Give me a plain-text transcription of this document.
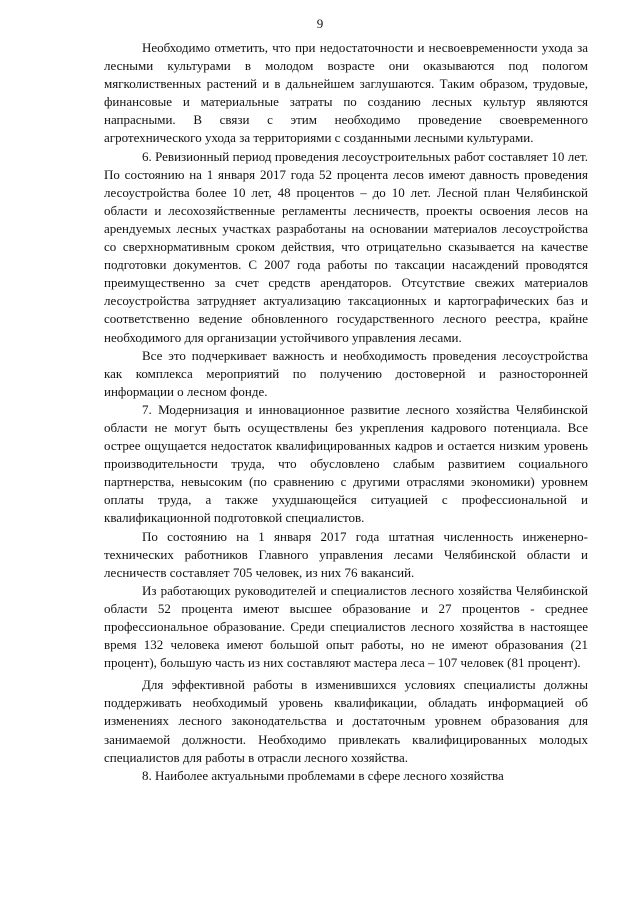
9

Необходимо отметить, что при недостаточности и несвоевременности ухода за лесными культурами в молодом возрасте они оказываются под пологом мягколиственных растений и в дальнейшем заглушаются. Таким образом, трудовые, финансовые и материальные затраты по созданию лесных культур являются напрасными. В связи с этим необходимо проведение своевременного агротехнического ухода за территориями с созданными лесными культурами.

6. Ревизионный период проведения лесоустроительных работ составляет 10 лет. По состоянию на 1 января 2017 года 52 процента лесов имеют давность проведения лесоустройства более 10 лет, 48 процентов – до 10 лет. Лесной план Челябинской области и лесохозяйственные регламенты лесничеств, проекты освоения лесов на арендуемых лесных участках разработаны на основании материалов лесоустройства со сверхнормативным сроком действия, что отрицательно сказывается на качестве подготовки документов. С 2007 года работы по таксации насаждений проводятся преимущественно за счет средств арендаторов. Отсутствие свежих материалов лесоустройства затрудняет актуализацию таксационных и картографических баз и соответственно ведение обновленного государственного лесного реестра, крайне необходимого для организации устойчивого управления лесами.

Все это подчеркивает важность и необходимость проведения лесоустройства как комплекса мероприятий по получению достоверной и разносторонней информации о лесном фонде.

7. Модернизация и инновационное развитие лесного хозяйства Челябинской области не могут быть осуществлены без укрепления кадрового потенциала. Все острее ощущается недостаток квалифицированных кадров и остается низким уровень производительности труда, что обусловлено слабым развитием социального партнерства, невысоким (по сравнению с другими отраслями экономики) уровнем оплаты труда, а также ухудшающейся ситуацией с профессиональной и квалификационной подготовкой специалистов.

По состоянию на 1 января 2017 года штатная численность инженерно-технических работников Главного управления лесами Челябинской области и лесничеств составляет 705 человек, из них 76 вакансий.

Из работающих руководителей и специалистов лесного хозяйства Челябинской области 52 процента имеют высшее образование и 27 процентов - среднее профессиональное образование. Среди специалистов лесного хозяйства в настоящее время 132 человека имеют большой опыт работы, но не имеют образования (21 процент), большую часть из них составляют мастера леса – 107 человек (81 процент).

Для эффективной работы в изменившихся условиях специалисты должны поддерживать необходимый уровень квалификации, обладать информацией об изменениях лесного законодательства и достаточным уровнем образования для занимаемой должности. Необходимо привлекать квалифицированных молодых специалистов для работы в отрасли лесного хозяйства.

8. Наиболее актуальными проблемами в сфере лесного хозяйства
